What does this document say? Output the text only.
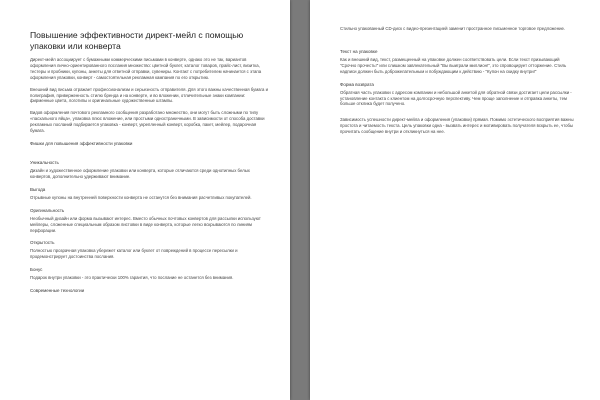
Повышение эффективности директ-мейл с помощью упаковки или конверта

Директ-мейл ассоциирует с бумажными коммерческими письмами в конверте, однако это не так, вариантов оформления лично-ориентированного послания множество: цветной буклет, каталог товаров, прайс-лист, визитка, тестеры и пробники, купоны, анкеты для ответной отправки, сувениры. Контакт с потребителем начинается с этапа оформления упаковки, конверт - самостоятельная рекламная кампания по его открытию.

Внешний вид письма отражает профессионализм и серьезность отправителя. Для этого важны качественная бумага и полиграфия, приверженность стилю бренда и на конверте, и во вложении, отличительные знаки компании: фирменные цвета, логотипы и оригинальные художественные штампы.

Видов оформления почтового рекламного сообщения разработано множество, они могут быть сложными по типу «пасхального яйца», упаковка плюс вложение, или простыми одностраничными. В зависимости от способа доставки рекламных посланий подбирается упаковка - конверт, укрепленный конверт, коробка, пакет, мейлер, подарочная бумага.

Фишки для повышения эффективности упаковки
Уникальность

Дизайн и художественное оформление упаковки или конверта, которые отличаются среди однотипных белых конвертов, дополнительно удерживают внимание.

Выгода

Отрывные купоны на внутренней поверхности конверта не останутся без внимания расчетливых покупателей.

Оригинальность

Необычный дизайн или форма вызывают интерес. Вместо обычных почтовых конвертов для рассылки используют мейлеры, сложенные специальным образом листовки в виде конверта, которые легко вскрываются по линиям перфорации.

Открытость

Полностью прозрачная упаковка убережет каталог или буклет от повреждений в процессе пересылки и продемонстрирует достоинства послания.

Бонус

Подарок внутри упаковки - это практически 100% гарантия, что послание не останется без внимания.

Современные технологии

Стильно упакованный CD-диск с видео-презентацией заменит пространное письменное торговое предложение.

Текст на упаковке

Как и внешний вид, текст, размещенный на упаковке должен соответствовать цели. Если текст призывающий "Срочно прочесть!" или слишком завлекательный "Вы выиграли миллион!", это спровоцирует отторжение. Стиль надписи должен быть доброжелательным и побуждающим к действию - "Купон на скидку внутри!"

Форма возврата

Обратная часть упаковки с адресом компании и небольшой анкетой для обратной связи достигает цели рассылки - установление контакта с клиентом на долгосрочную перспективу. Чем проще заполнение и отправка анкеты, тем больше отклика будет получено.

Зависимость успешности директ-мейла и оформления (упаковки) прямая. Помимо эстетического восприятия важны простота и читаемость текста. Цель упаковки одна - вызвать интерес и мотивировать получателя вскрыть ее, чтобы прочитать сообщение внутри и откликнуться на нее.
